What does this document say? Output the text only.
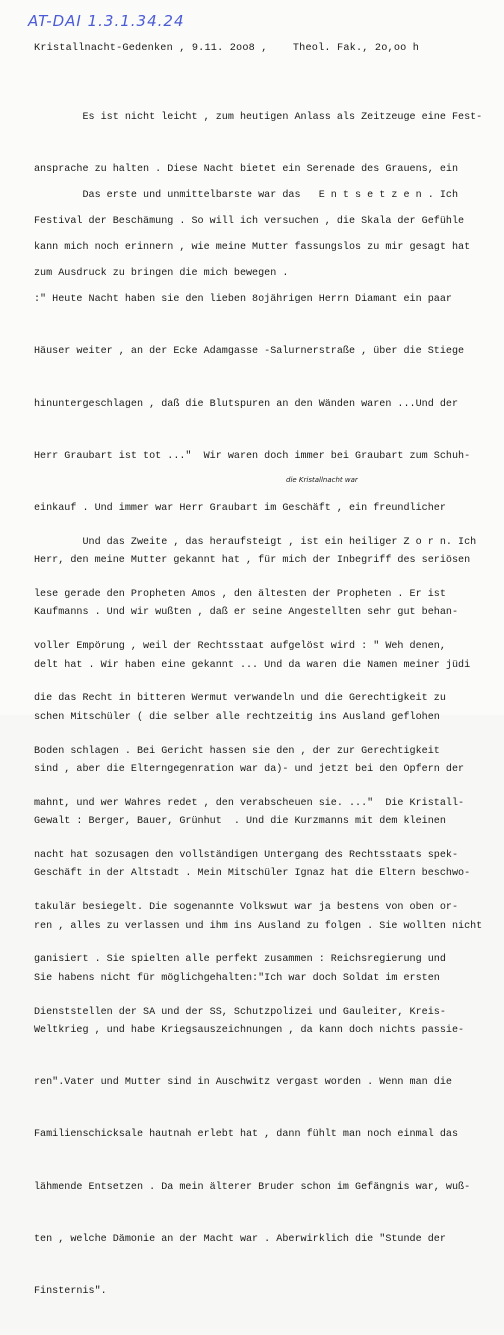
AT-DAI 1.3.1.34.24
Kristallnacht-Gedenken , 9.11. 2oo8 ,    Theol. Fak., 2o,oo h

Es ist nicht leicht , zum heutigen Anlass als Zeitzeuge eine Fest-

ansprache zu halten . Diese Nacht bietet ein Serenade des Grauens, ein

Festival der Beschämung . So will ich versuchen , die Skala der Gefühle

zum Ausdruck zu bringen die mich bewegen .

Das erste und unmittelbarste war das   E n t s e t z e n . Ich

kann mich noch erinnern , wie meine Mutter fassungslos zu mir gesagt hat

:" Heute Nacht haben sie den lieben 8ojährigen Herrn Diamant ein paar

Häuser weiter , an der Ecke Adamgasse -Salurnerstraße , über die Stiege

hinuntergeschlagen , daß die Blutspuren an den Wänden waren ...Und der

Herr Graubart ist tot ..."  Wir waren doch immer bei Graubart zum Schuh-

einkauf . Und immer war Herr Graubart im Geschäft , ein freundlicher

Herr, den meine Mutter gekannt hat , für mich der Inbegriff des seriösen

Kaufmanns . Und wir wußten , daß er seine Angestellten sehr gut behan-

delt hat . Wir haben eine gekannt ... Und da waren die Namen meiner jüdi

schen Mitschüler ( die selber alle rechtzeitig ins Ausland geflohen

sind , aber die Elterngegenration war da)- und jetzt bei den Opfern der

Gewalt : Berger, Bauer, Grünhut  . Und die Kurzmanns mit dem kleinen

Geschäft in der Altstadt . Mein Mitschüler Ignaz hat die Eltern beschwo-

ren , alles zu verlassen und ihm ins Ausland zu folgen . Sie wollten nicht

Sie habens nicht für möglichgehalten:"Ich war doch Soldat im ersten

Weltkrieg , und habe Kriegsauszeichnungen , da kann doch nichts passie-

ren".Vater und Mutter sind in Auschwitz vergast worden . Wenn man die

Familienschicksale hautnah erlebt hat , dann fühlt man noch einmal das

lähmende Entsetzen . Da mein älterer Bruder schon im Gefängnis war, wuß-

ten , welche Dämonie an der Macht war . Aberwirklich die "Stunde der

Finsternis".

die Kristallnacht war

Und das Zweite , das heraufsteigt , ist ein heiliger Z o r n. Ich

lese gerade den Propheten Amos , den ältesten der Propheten . Er ist

voller Empörung , weil der Rechtsstaat aufgelöst wird : " Weh denen,

die das Recht in bitteren Wermut verwandeln und die Gerechtigkeit zu

Boden schlagen . Bei Gericht hassen sie den , der zur Gerechtigkeit

mahnt, und wer Wahres redet , den verabscheuen sie. ..."  Die Kristall-

nacht hat sozusagen den vollständigen Untergang des Rechtsstaats spek-

takulär besiegelt. Die sogenannte Volkswut war ja bestens von oben or-

ganisiert . Sie spielten alle perfekt zusammen : Reichsregierung und

Dienststellen der SA und der SS, Schutzpolizei und Gauleiter, Kreis-
